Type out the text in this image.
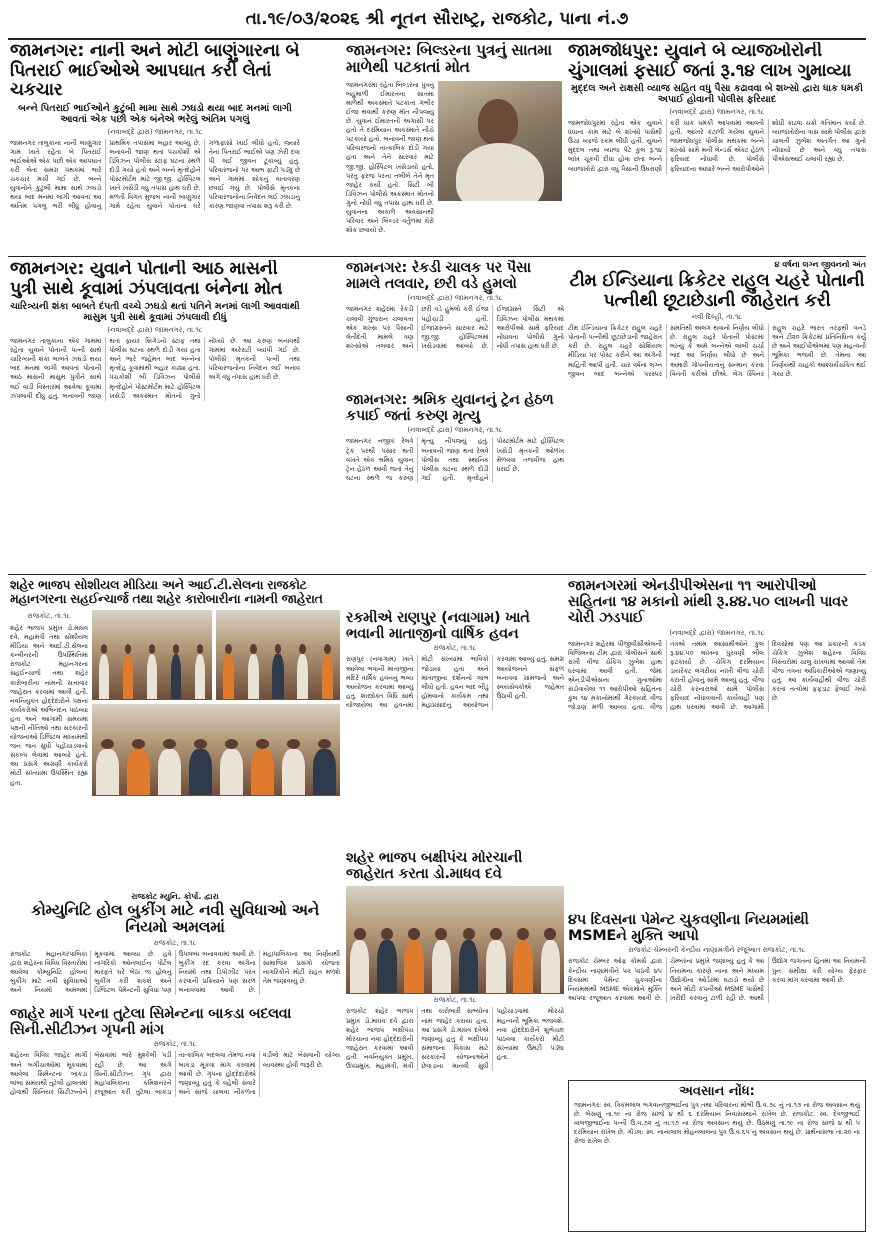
તા.૧૯/૦૩/૨૦૨૬ શ્રી નૂતન સૌરાષ્ટ્ર, રાજકોટ, પાના નં.૭
જામનગર: નાની અને મોટી બાણુંગારના બે પિતરાઈ ભાઈઓએ આપઘાત કરી લેતાં ચકચાર
બન્ને પિતરાઈ ભાઈઓને કુટુંબી મામા સાથે ઝઘડો થયા બાદ મનમાં લાગી આવતાં એક પછી એક બંનેએ ભરેલું અંતિમ પગલું
(નવાબદ્દે દ્વારા) જામનગર, તા.૧૮
જામનગર તાલુકાના નાની બાણુંગાર ગામ ખાતે રહેતા બે પિતરાઈ ભાઈઓએ એક પછી એક આપઘાત કરી લેતાં સમગ્ર પંથકમાં ભારે ચકચાર મચી ગઈ છે. બન્ને યુવાનોને કુટુંબી મામા સાથે ઝઘડો થયા બાદ મનમાં લાગી આવતાં આ અંતિમ પગલું ભરી લીધું હોવાનું પ્રાથમિક તપાસમાં બહાર આવ્યું છે. બનાવની જાણ થતાં પંચકોશી એ ડિવિઝન પોલીસ સ્ટાફ ઘટના સ્થળે દોડી ગયો હતો અને બન્ને મૃતદેહોને પોસ્ટમોર્ટમ માટે જી.જી. હોસ્પિટલ ખાતે ખસેડી વધુ તપાસ હાથ ધરી છે. મળતી વિગત મુજબ નાની બાણુંગાર ગામે રહેતા યુવાને પોતાના ઘરે ગળાફાંસો ખાઈ લીધો હતો, જ્યારે તેના પિતરાઈ ભાઈએ પણ ઝેરી દવા પી લઈ જીવન ટૂંકાવ્યું હતું. પરિવારજનો પર આભ ફાટી પડ્યું છે અને ગામમાં શોકનું વાતાવરણ છવાઈ ગયું છે. પોલીસે મૃતકના પરિવારજનોના નિવેદન લઈ ઝઘડાનું કારણ જાણવા તપાસ શરૂ કરી છે.
જામનગર: બિલ્ડરના પુત્રનું સાતમા માળેથી પટકાતાં મોત
જામનગરમાં રહેતા બિલ્ડરના પુત્રનું બહુમાળી ઈમારતના સાતમા માળેથી અકસ્માતે પટકાતાં ગંભીર ઈજા થવાથી કરુણ મોત નીપજ્યું છે. યુવાન ઈમારતની અગાસી પર હતો તે દરમિયાન અકસ્માતે નીચે પટકાયો હતો. બનાવની જાણ થતાં પરિવારજનો તાત્કાલિક દોડી ગયા હતા અને તેને સારવાર માટે જી.જી. હોસ્પિટલ ખસેડાયો હતો, પરંતુ ફરજ પરના તબીબે તેને મૃત જાહેર કર્યો હતો. સિટી બી ડિવિઝન પોલીસે અકસ્માત મોતનો ગુનો નોંધી વધુ તપાસ હાથ ધરી છે. યુવાનના અકાળે અવસાનથી પરિવાર અને બિલ્ડર વર્તુળમાં ઘેરો શોક છવાયો છે.
જામજોધપુર: યુવાને બે વ્યાજખોરોની ચુંગાલમાં ફસાઈ જતાં રૂ.૧૪ લાખ ગુમાવ્યા
મુદ્દલ અને રાક્ષસી વ્યાજ સહિત વધુ પૈસા કઢાવવા બે શખ્સો દ્વારા ધાક ધમકી અપાઈ હોવાની પોલીસ ફરિયાદ
(નવાબદ્દે દ્વારા) જામનગર, તા.૧૮
જામજોધપુરમાં રહેતા એક યુવાને ધંધાના કામ માટે બે શખ્સો પાસેથી ઉંચા વ્યાજે રકમ લીધી હતી. યુવાને મુદ્દલ તથા વ્યાજ પેટે કુલ રૂ.૧૪ લાખ ચૂકવી દીધા હોવા છતાં બન્ને વ્યાજખોરો દ્વારા વધુ પૈસાની ઉઘરાણી કરી ધાક ધમકી આપવામાં આવતી હતી. આખરે કંટાળી ગયેલા યુવાને જામજોધપુર પોલીસ મથકમાં બન્ને શખ્સો સામે મની લેન્ડર્સ એક્ટ હેઠળ ફરિયાદ નોંધાવી છે. પોલીસે ફરિયાદના આધારે બન્ને આરોપીઓને શોધી કાઢવા ચક્રો ગતિમાન કર્યા છે. વ્યાજખોરોના ત્રાસ સામે પોલીસ દ્વારા ચાલતી ઝુંબેશ અંતર્ગત આ ગુનો નોંધાયો છે અને વધુ તપાસ પીએસઆઈ ચલાવી રહ્યા છે.
જામનગર: યુવાને પોતાની આઠ માસની પુત્રી સાથે કૂવામાં ઝંપલાવતા બંનેના મોત
ચારિત્ર્યની શંકા બાબતે દંપતી વચ્ચે ઝઘડો થતાં પતિને મનમાં લાગી આવવાથી માસુમ પુત્રી સાથે કૂવામાં ઝંપલાવી દીધું
(નવાબદ્દે દ્વારા) જામનગર, તા.૧૮
જામનગર તાલુકાના એક ગામમાં રહેતા યુવાને પોતાની પત્ની સાથે ચારિત્ર્યની શંકા બાબતે ઝઘડો થયા બાદ મનમાં લાગી આવતાં પોતાની આઠ માસની માસુમ પુત્રીને સાથે લઈ વાડી વિસ્તારમાં આવેલા કૂવામાં ઝંપલાવી દીધું હતું. બનાવની જાણ થતાં ફાયર બ્રિગેડનો સ્ટાફ તથા પોલીસ ઘટના સ્થળે દોડી ગયા હતા અને ભારે જહેમત બાદ બન્નેના મૃતદેહ કૂવામાંથી બહાર કાઢ્યા હતા. પંચકોશી બી ડિવિઝન પોલીસે મૃતદેહોને પોસ્ટમોર્ટમ માટે હોસ્પિટલ ખસેડી અકસ્માત મોતનો ગુનો નોંધ્યો છે. આ કરુણ બનાવથી ગામમાં અરેરાટી વ્યાપી ગઈ છે. પોલીસે મૃતકની પત્ની તથા પરિવારજનોના નિવેદન લઈ બનાવ અંગે વધુ તપાસ હાથ ધરી છે.
જામનગર: રેકડી ચાલક પર પૈસા મામલે તલવાર, છરી વડે હુમલો
(નવાબદ્દે દ્વારા) જામનગર, તા.૧૮
જામનગર શહેરમાં રેકડી ચલાવી ગુજરાન ચલાવતા એક શખ્સ પર પૈસાની લેતીદેતી મામલે ત્રણ શખ્સોએ તલવાર અને છરી વડે હુમલો કરી ઈજા પહોંચાડી હતી. ઈજાગ્રસ્તને સારવાર માટે જી.જી. હોસ્પિટલમાં ખસેડવામાં આવ્યો છે. ઈજાગ્રસ્તે સિટી એ ડિવિઝન પોલીસ મથકમાં આરોપીઓ સામે ફરિયાદ નોંધાવતા પોલીસે ગુનો નોંધી તપાસ હાથ ધરી છે.
જામનગર: શ્રમિક યુવાનનું ટ્રેન હેઠળ કપાઈ જતાં કરુણ મૃત્યુ
(નવાબદ્દે દ્વારા) જામનગર, તા.૧૮
જામનગર નજીક રેલવે ટ્રેક પરથી પસાર થતી વખતે એક શ્રમિક યુવાન ટ્રેન હેઠળ આવી જતાં તેનું ઘટના સ્થળે જ કરુણ મૃત્યુ નીપજ્યું હતું. બનાવની જાણ થતાં રેલવે પોલીસ તથા સ્થાનિક પોલીસ ઘટના સ્થળે દોડી ગઈ હતી. મૃતદેહને પોસ્ટમોર્ટમ માટે હોસ્પિટલ ખસેડી મૃતકની ઓળખ મેળવવા તજવીજ હાથ ધરાઈ છે.
૪ વર્ષના લગ્ન જીવનનો અંત
ટીમ ઈન્ડિયાના ક્રિકેટર રાહુલ ચહરે પોતાની પત્નીથી છૂટાછેડાની જાહેરાત કરી
નવી દિલ્હી, તા.૧૮
ટીમ ઈન્ડિયાના ક્રિકેટર રાહુલ ચહરે પોતાની પત્નીથી છૂટાછેડાની જાહેરાત કરી છે. રાહુલ ચહરે સોશિયલ મીડિયા પર પોસ્ટ કરીને આ અંગેની માહિતી આપી હતી. ચાર વર્ષના લગ્ન જીવન બાદ બન્નેએ પરસ્પર સંમતિથી અલગ થવાનો નિર્ણય લીધો છે. રાહુલ ચહરે પોતાની પોસ્ટમાં લખ્યું કે અમે બન્નેએ લાંબી ચર્ચા બાદ આ નિર્ણય લીધો છે અને અમારી ગોપનીયતાનું સન્માન કરવા વિનંતી કરીએ છીએ. લેગ સ્પિનર રાહુલ ચહરે ભારત તરફથી વનડે અને ટી૨૦ ક્રિકેટમાં પ્રતિનિધિત્વ કર્યું છે અને આઈપીએલમાં પણ મહત્વની ભૂમિકા ભજવી છે. તેમના આ નિર્ણયથી ચાહકો આશ્ચર્યચકિત થઈ ગયા છે.
શહેર ભાજપ સોશીયલ મીડિયા અને આઈ.ટી.સેલના રાજકોટ મહાનગરના સહઈન્ચાર્જ તથા શહેર કારોબારીના નામની જાહેરાત
રાજકોટ, તા.૧૮
શહેર ભાજપ પ્રમુખ ડો.માધવ દવે, મહામંત્રી તથા સોશીયલ મીડિયા અને આઈ.ટી.સેલના કન્વીનરની ઉપસ્થિતિમાં રાજકોટ મહાનગરના સહઈન્ચાર્જ તથા શહેર કારોબારીના નામની સત્તાવાર જાહેરાત કરવામાં આવી હતી. નવનિયુક્ત હોદ્દેદારોને પક્ષના કાર્યકરોએ અભિનંદન પાઠવ્યા હતા અને આગામી સમયમાં પક્ષની નીતિઓ તથા સરકારની યોજનાઓ ડિજિટલ માધ્યમથી જન જન સુધી પહોંચાડવાનો સંકલ્પ લેવામાં આવ્યો હતો. આ પ્રસંગે અગ્રણી કાર્યકરો મોટી સંખ્યામાં ઉપસ્થિત રહ્યા હતા.
રકમીએ રાણપુર (નવાગામ) ખાતે ભવાની માતાજીનો વાર્ષિક હવન
રાજકોટ, તા.૧૮
રાણપુર (નવાગામ) ખાતે આવેલા ભવાની માતાજીના મંદિરે વાર્ષિક હવનનું ભવ્ય આયોજન કરવામાં આવ્યું હતું. શાસ્ત્રોક્ત વિધિ સાથે યોજાયેલા આ હવનમાં મોટી સંખ્યામાં ભાવિકો જોડાયા હતા અને માતાજીના દર્શનનો લાભ લીધો હતો. હવન બાદ બીડું હોમવાનો કાર્યક્રમ તથા મહાપ્રસાદનું આયોજન કરવામાં આવ્યું હતું. સમગ્ર આયોજનને સફળ બનાવવા ગ્રામજનો અને સ્વયંસેવકોએ જહેમત ઉઠાવી હતી.
જામનગરમાં એનડીપીએસના ૧૧ આરોપીઓ સહિતના ૧૪ મકાનો માંથી રૂ.૪૪.૫૦ લાખની પાવર ચોરી ઝડપાઈ
(નવાબદ્દે દ્વારા) જામનગર, તા.૧૮
જામનગર શહેરમાં પીજીવીસીએલની વિજિલન્સ ટીમ દ્વારા પોલીસને સાથે રાખી વીજ ચેકિંગ ઝુંબેશ હાથ ધરવામાં આવી હતી. જેમાં એનડીપીએસના ગુનાઓમાં સંડોવાયેલા ૧૧ આરોપીઓ સહિતના કુલ ૧૪ મકાનોમાંથી ગેરકાયદે વીજ જોડાણ મળી આવ્યા હતા. વીજ તંત્રએ તમામ આસામીઓને કુલ રૂ.૪૪.૫૦ લાખના પુરવણી બીલ ફટકાર્યા છે. ચેકિંગ દરમિયાન ડાયરેક્ટ લંગરીયા નાખી વીજ ચોરી કરાતી હોવાનું સામે આવ્યું હતું. વીજ ચોરી કરનારાઓ સામે પોલીસ ફરિયાદ નોંધાવવાની કાર્યવાહી પણ હાથ ધરવામાં આવી છે. આગામી દિવસોમાં પણ આ પ્રકારની કડક ચેકિંગ ઝુંબેશ શહેરના વિવિધ વિસ્તારોમાં ચાલુ રાખવામાં આવશે તેમ વીજ તંત્રના અધિકારીઓએ જણાવ્યું હતું. આ કાર્યવાહીથી વીજ ચોરી કરતાં તત્વોમાં ફફડાટ ફેલાઈ ગયો છે.
રાજકોટ મ્યુનિ. કોર્પો. દ્વારા
કોમ્યુનિટિ હોલ બુકીંગ માટે નવી સુવિધાઓ અને નિયમો અમલમાં
રાજકોટ, તા.૧૮
રાજકોટ મહાનગરપાલિકા દ્વારા શહેરના વિવિધ વિસ્તારોમાં આવેલા કોમ્યુનિટિ હોલના બુકીંગ માટે નવી સુવિધાઓ અને નિયમો અમલમાં મૂકવામાં આવ્યા છે. હવે નાગરિકો ઓનલાઈન પોર્ટલ મારફતે ઘરે બેઠા જ હોલનું બુકીંગ કરી શકશે અને ડિજિટલ પેમેન્ટની સુવિધા પણ ઉપલબ્ધ બનાવવામાં આવી છે. બુકીંગ રદ કરવા અંગેના નિયમો તથા ડિપોઝીટ પરત કરવાની પ્રક્રિયાને પણ સરળ બનાવવામાં આવી છે. મહાપાલિકાના આ નિર્ણયથી સામાજિક પ્રસંગો યોજતા નાગરિકોને મોટી રાહત મળશે તેમ જણાવાયું છે.
શહેર ભાજપ બક્ષીપંચ મોરચાની જાહેરાત કરતા ડો.માધવ દવે
રાજકોટ, તા.૧૮
રાજકોટ શહેર ભાજપ પ્રમુખ ડો.માધવ દવે દ્વારા શહેર ભાજપ બક્ષીપંચ મોરચાના નવા હોદ્દેદારોની જાહેરાત કરવામાં આવી હતી. નવનિયુક્ત પ્રમુખ, ઉપપ્રમુખ, મહામંત્રી, મંત્રી તથા કારોબારી સભ્યોના નામ જાહેર કરાયા હતા. આ પ્રસંગે ડો.માધવ દવેએ જણાવ્યું હતું કે બક્ષીપંચ સમાજના વિકાસ માટે સરકારની યોજનાઓને છેવાડાના માનવી સુધી પહોંચાડવામાં મોરચો મહત્વની ભૂમિકા ભજવશે. નવા હોદ્દેદારોને શુભેચ્છા પાઠવવા કાર્યકરો મોટી સંખ્યામાં ઉમટી પડ્યા હતા.
જાહેર માર્ગ પરના તુટેલા સિમેન્ટના બાકડા બદલવા સિની.સીટીઝન ગૃપની માંગ
રાજકોટ, તા.૧૮
શહેરના વિવિધ જાહેર માર્ગો અને બગીચાઓમાં મૂકવામાં આવેલા સિમેન્ટના બાકડા લાંબા સમયથી તુટેલી હાલતમાં હોવાથી સિનિયર સિટીઝનોને બેસવામાં ભારે મુશ્કેલી પડી રહી છે. આ અંગે સિની.સીટીઝન ગૃપ દ્વારા મહાપાલિકાના કમિશનરને રજૂઆત કરી તુટેલા બાકડા તાત્કાલિક બદલવા તેમજ નવા બાકડા મૂકવા માંગ કરવામાં આવી છે. ગૃપના હોદ્દેદારોએ જણાવ્યું હતું કે વહેલી સવારે અને સાંજે ચાલવા નીકળતા વડીલો માટે બેસવાની યોગ્ય વ્યવસ્થા હોવી જરૂરી છે.
૪૫ દિવસના પેમેન્ટ ચુકવણીના નિયમમાંથી MSMEને મુક્તિ આપો
રાજકોટ ચેમ્બરની કેન્દ્રીય નાણામંત્રીને રજૂઆત રાજકોટ, તા.૧૮
રાજકોટ ચેમ્બર ઓફ કોમર્સ દ્વારા કેન્દ્રીય નાણામંત્રીને પત્ર પાઠવી ૪૫ દિવસમાં પેમેન્ટ ચુકવણીના નિયમમાંથી MSME એકમોને મુક્તિ આપવા રજૂઆત કરવામાં આવી છે. ચેમ્બરના પ્રમુખે જણાવ્યું હતું કે આ નિયમના કારણે નાના અને મધ્યમ ઉદ્યોગોના ઓર્ડરમાં ઘટાડો થયો છે અને મોટી કંપનીઓ MSME પાસેથી ખરીદી કરવાનું ટાળી રહી છે. આથી ઉદ્યોગ જગતના હિતમાં આ નિયમની પુનઃ સમીક્ષા કરી યોગ્ય ફેરફાર કરવા માંગ કરવામાં આવી છે.
અવસાન નોંધ:
જામનગર: સ્વ. ત્રિકમલાલ ભગવાનજીભાઈના પુત્ર તથા પરિવારના મોભી ઉ.વ.૭૮ નું તા.૧૭ ના રોજ અવસાન થયું છે. બેસણું તા.૧૯ ના રોજ સાંજે ૪ થી ૬ દરમિયાન નિવાસસ્થાને રાખેલ છે. રાજકોટ: સ્વ. દેવજીભાઈ વાલજીભાઈના પત્ની ઉ.વ.૭૨ નું તા.૧૭ ના રોજ અવસાન થયું છે. ઉઠમણું તા.૧૯ ના રોજ સાંજે ૪ થી ૫ દરમિયાન રાખેલ છે. ગોંડલ: સ્વ. નાનાલાલ મોહનલાલના પુત્ર ઉ.વ.૬૫ નું અવસાન થયું છે. પ્રાર્થનાસભા તા.૨૦ ના રોજ રાખેલ છે.
